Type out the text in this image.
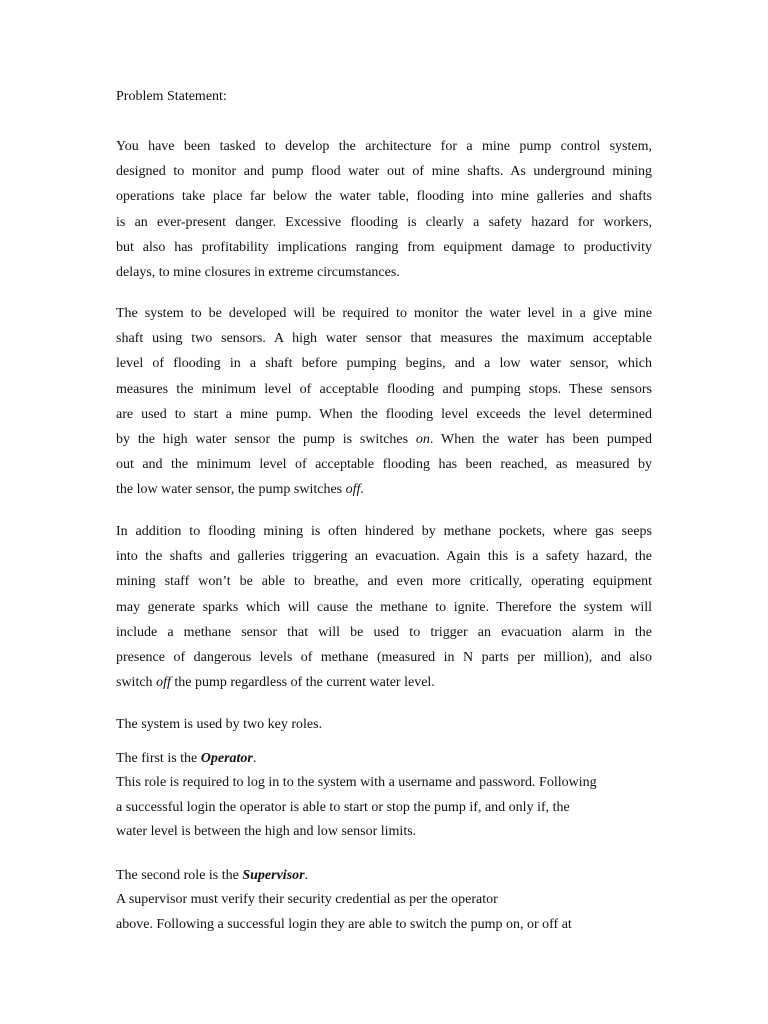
Problem Statement:
You have been tasked to develop the architecture for a mine pump control system,
designed to monitor and pump flood water out of mine shafts. As underground mining
operations take place far below the water table, flooding into mine galleries and shafts
is an ever-present danger. Excessive flooding is clearly a safety hazard for workers,
but also has profitability implications ranging from equipment damage to productivity
delays, to mine closures in extreme circumstances.
The system to be developed will be required to monitor the water level in a give mine
shaft using two sensors. A high water sensor that measures the maximum acceptable
level of flooding in a shaft before pumping begins, and a low water sensor, which
measures the minimum level of acceptable flooding and pumping stops. These sensors
are used to start a mine pump. When the flooding level exceeds the level determined
by the high water sensor the pump is switches on. When the water has been pumped
out and the minimum level of acceptable flooding has been reached, as measured by
the low water sensor, the pump switches off.
In addition to flooding mining is often hindered by methane pockets, where gas seeps
into the shafts and galleries triggering an evacuation. Again this is a safety hazard, the
mining staff won’t be able to breathe, and even more critically, operating equipment
may generate sparks which will cause the methane to ignite. Therefore the system will
include a methane sensor that will be used to trigger an evacuation alarm in the
presence of dangerous levels of methane (measured in N parts per million), and also
switch off the pump regardless of the current water level.
The system is used by two key roles.
The first is the Operator.
This role is required to log in to the system with a username and password. Following
a successful login the operator is able to start or stop the pump if, and only if, the
water level is between the high and low sensor limits.
The second role is the Supervisor.
A supervisor must verify their security credential as per the operator
above. Following a successful login they are able to switch the pump on, or off at
